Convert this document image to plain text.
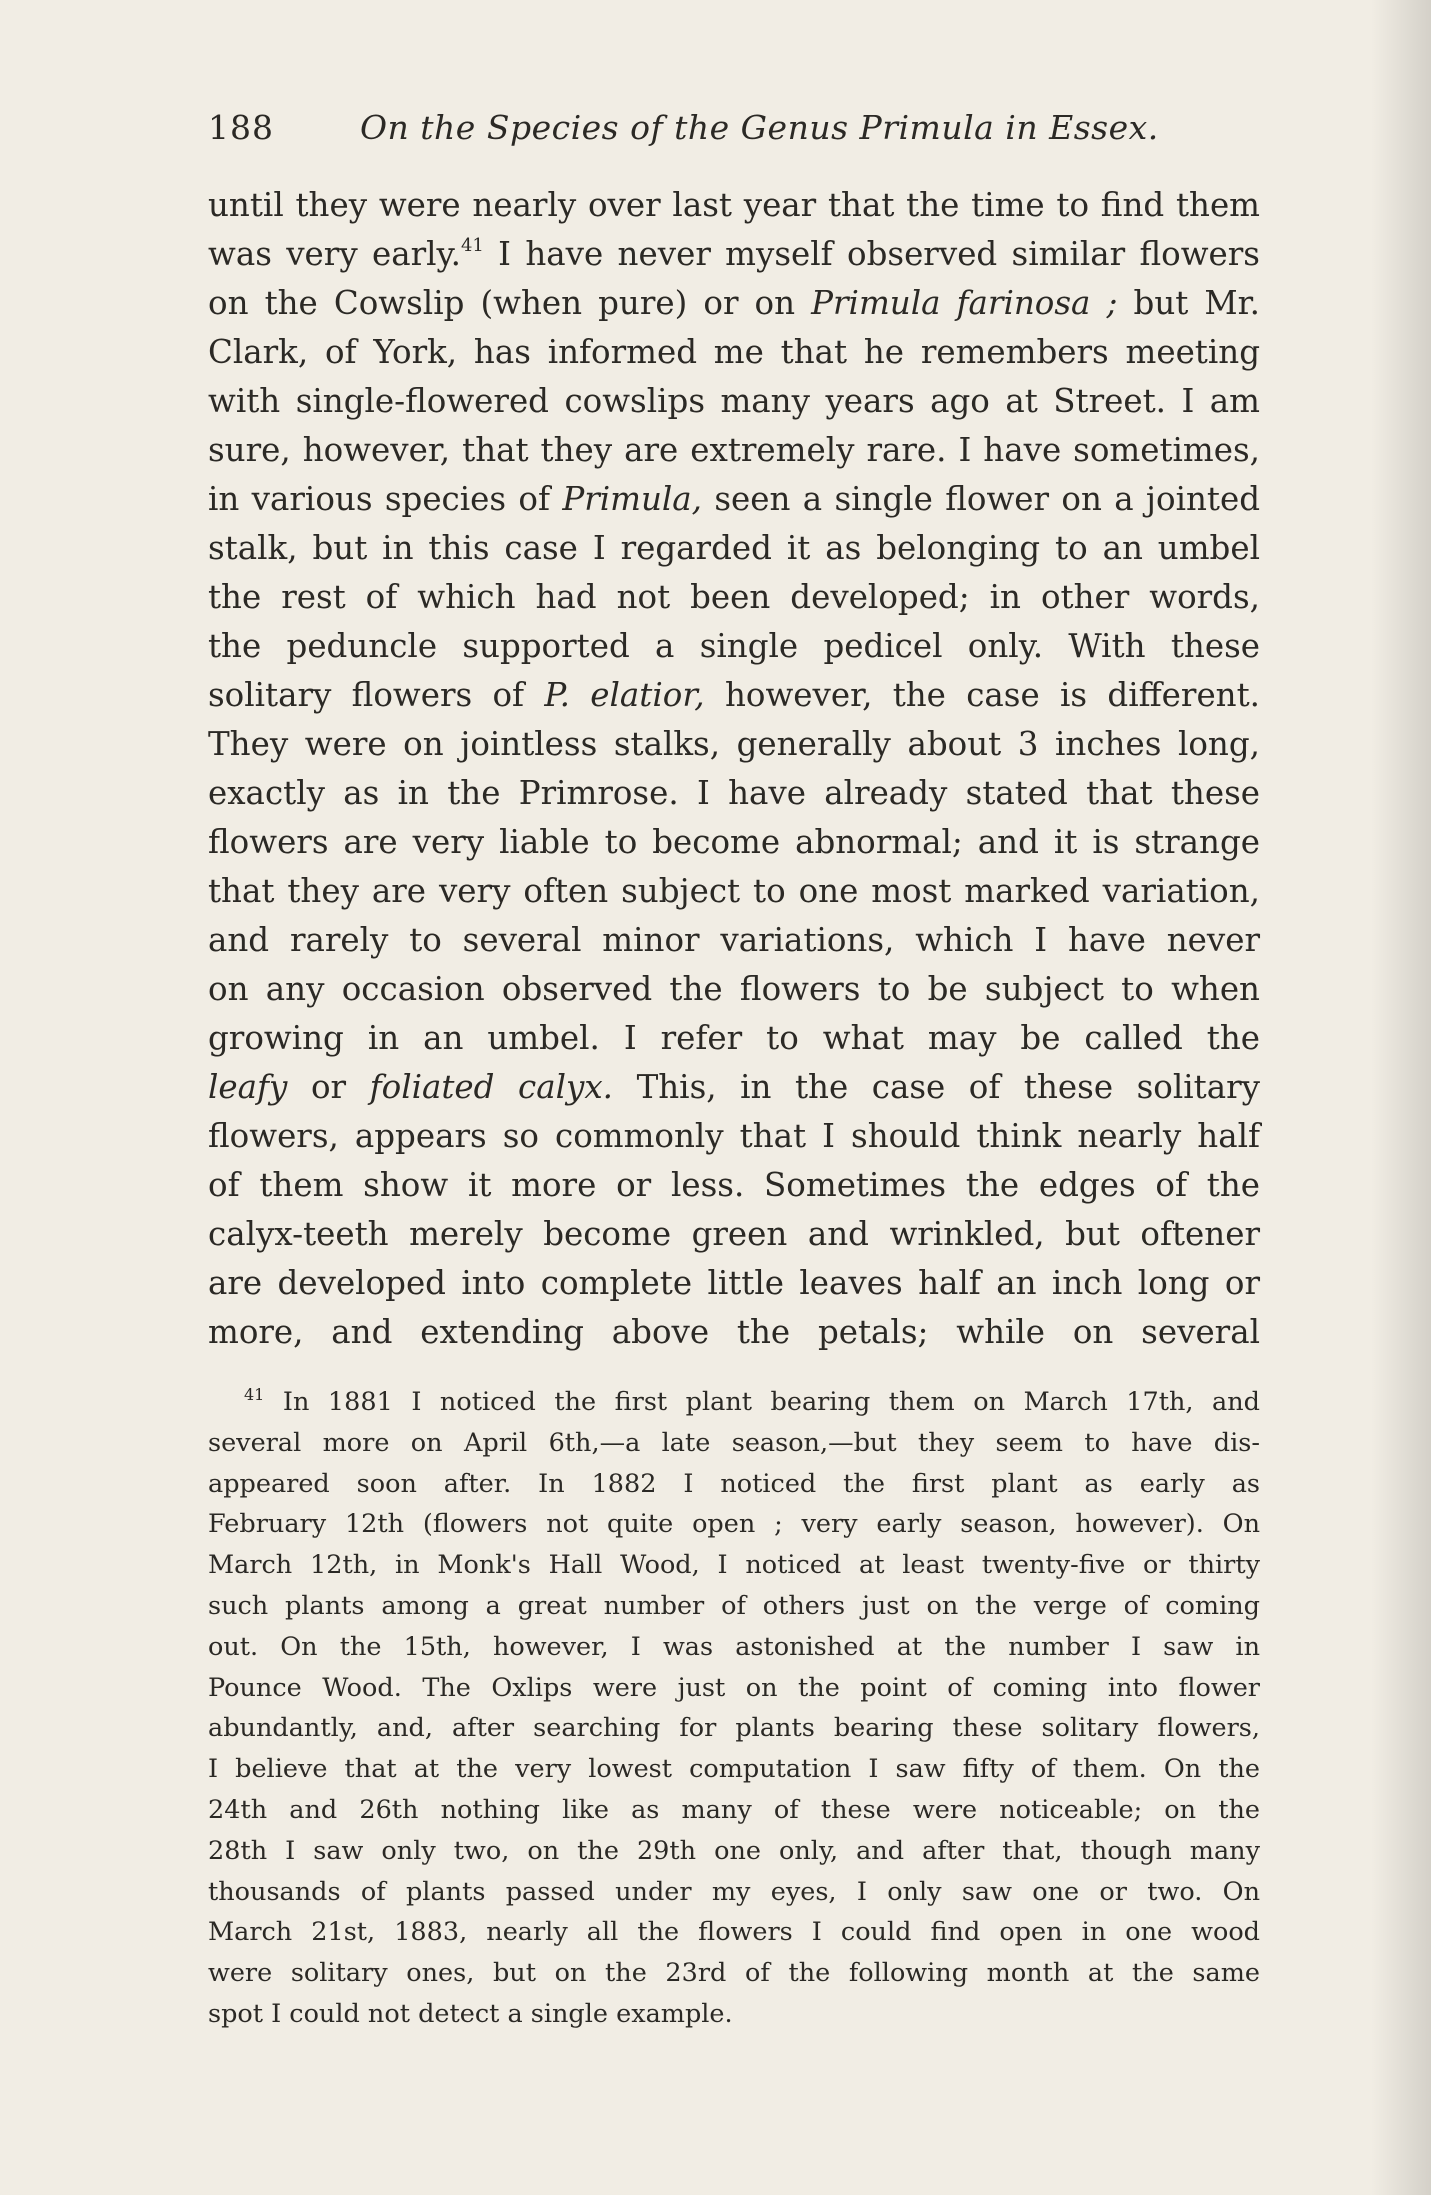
188	On the Species of the Genus Primula in Essex.
until they were nearly over last year that the time to find them
was very early.$^{41}$ I have never myself observed similar flowers
on the Cowslip (when pure) or on Primula farinosa ; but Mr.
Clark, of York, has informed me that he remembers meeting
with single-flowered cowslips many years ago at Street. I am
sure, however, that they are extremely rare. I have sometimes,
in various species of Primula, seen a single flower on a jointed
stalk, but in this case I regarded it as belonging to an umbel
the rest of which had not been developed; in other words,
the peduncle supported a single pedicel only. With these
solitary flowers of P. elatior, however, the case is different.
They were on jointless stalks, generally about 3 inches long,
exactly as in the Primrose. I have already stated that these
flowers are very liable to become abnormal; and it is strange
that they are very often subject to one most marked variation,
and rarely to several minor variations, which I have never
on any occasion observed the flowers to be subject to when
growing in an umbel. I refer to what may be called the
leafy or foliated calyx. This, in the case of these solitary
flowers, appears so commonly that I should think nearly half
of them show it more or less. Sometimes the edges of the
calyx-teeth merely become green and wrinkled, but oftener
are developed into complete little leaves half an inch long or
more, and extending above the petals; while on several
$^{41}$ In 1881 I noticed the first plant bearing them on March 17th, and
several more on April 6th,—a late season,—but they seem to have dis-
appeared soon after. In 1882 I noticed the first plant as early as
February 12th (flowers not quite open ; very early season, however). On
March 12th, in Monk's Hall Wood, I noticed at least twenty-five or thirty
such plants among a great number of others just on the verge of coming
out. On the 15th, however, I was astonished at the number I saw in
Pounce Wood. The Oxlips were just on the point of coming into flower
abundantly, and, after searching for plants bearing these solitary flowers,
I believe that at the very lowest computation I saw fifty of them. On the
24th and 26th nothing like as many of these were noticeable; on the
28th I saw only two, on the 29th one only, and after that, though many
thousands of plants passed under my eyes, I only saw one or two. On
March 21st, 1883, nearly all the flowers I could find open in one wood
were solitary ones, but on the 23rd of the following month at the same
spot I could not detect a single example.
